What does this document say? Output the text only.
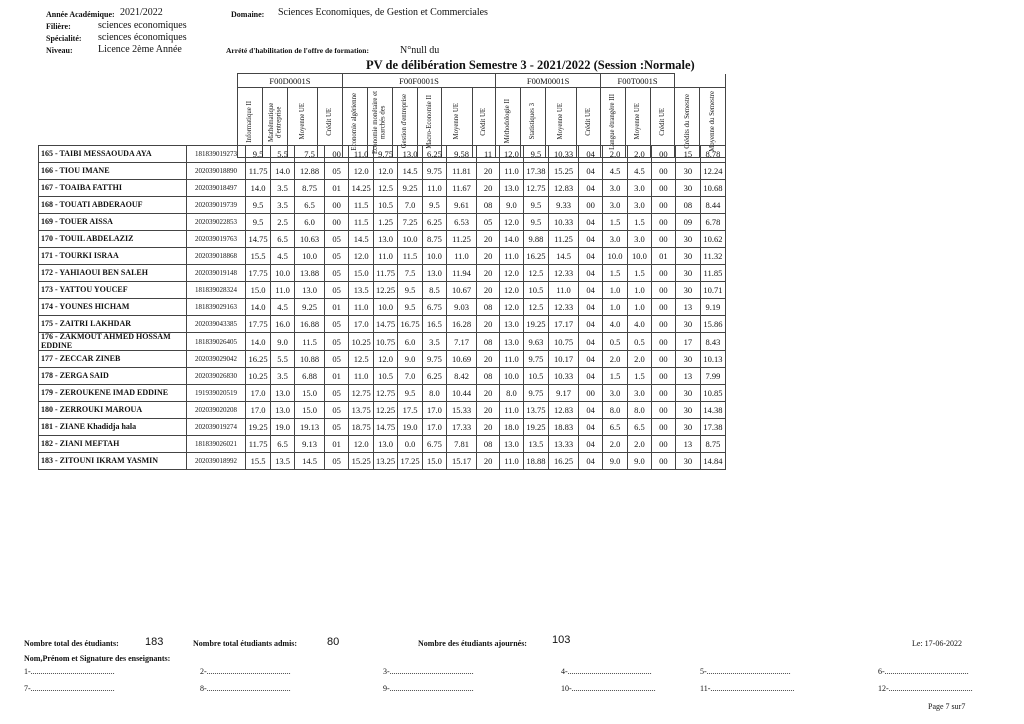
Année Académique: 2021/2022
Filière:	sciences economiques
Spécialité: sciences économiques
Niveau:	Licence 2ème Année
Domaine: Sciences Economiques, de Gestion et Commerciales
Arrété d'habilitation de l'offre de formation:	N°null du
PV de délibération Semestre 3 - 2021/2022 (Session :Normale)
F00D0001S				F00F0001S						F00M0001S				F00T0001S				
Informatique II	Mathématique d'entreprise	Moyenne UE	Crédit UE	Economie algérienne	Economie monétaire et marchés des	Gestion d'entreprise	Macro-Economie II	Moyenne UE	Crédit UE	Méthodologie II	Statistiques 3	Moyenne UE	Crédit UE	Langue étrangère III	Moyenne UE	Crédit UE	Crédits du Semestre	Moyenne du Semestre
165 - TAIBI MESSAOUDA AYA	181839019273	9.5	5.5	7.5	00	11.0	9.75	13.0	6.25	9.58	11	12.0	9.5	10.33	04	2.0	2.0	00	15	8.78
166 - TIOU IMANE	202039018890	11.75	14.0	12.88	05	12.0	12.0	14.5	9.75	11.81	20	11.0	17.38	15.25	04	4.5	4.5	00	30	12.24
167 - TOAIBA FATTHI	202039018497	14.0	3.5	8.75	01	14.25	12.5	9.25	11.0	11.67	20	13.0	12.75	12.83	04	3.0	3.0	00	30	10.68
168 - TOUATI ABDERAOUF	202039019739	9.5	3.5	6.5	00	11.5	10.5	7.0	9.5	9.61	08	9.0	9.5	9.33	00	3.0	3.0	00	08	8.44
169 - TOUER AISSA	202039022853	9.5	2.5	6.0	00	11.5	1.25	7.25	6.25	6.53	05	12.0	9.5	10.33	04	1.5	1.5	00	09	6.78
170 - TOUIL ABDELAZIZ	202039019763	14.75	6.5	10.63	05	14.5	13.0	10.0	8.75	11.25	20	14.0	9.88	11.25	04	3.0	3.0	00	30	10.62
171 - TOURKI ISRAA	202039018868	15.5	4.5	10.0	05	12.0	11.0	11.5	10.0	11.0	20	11.0	16.25	14.5	04	10.0	10.0	01	30	11.32
172 - YAHIAOUI BEN SALEH	202039019148	17.75	10.0	13.88	05	15.0	11.75	7.5	13.0	11.94	20	12.0	12.5	12.33	04	1.5	1.5	00	30	11.85
173 - YATTOU YOUCEF	181839028324	15.0	11.0	13.0	05	13.5	12.25	9.5	8.5	10.67	20	12.0	10.5	11.0	04	1.0	1.0	00	30	10.71
174 - YOUNES HICHAM	181839029163	14.0	4.5	9.25	01	11.0	10.0	9.5	6.75	9.03	08	12.0	12.5	12.33	04	1.0	1.0	00	13	9.19
175 - ZAITRI LAKHDAR	202039043385	17.75	16.0	16.88	05	17.0	14.75	16.75	16.5	16.28	20	13.0	19.25	17.17	04	4.0	4.0	00	30	15.86
176 - ZAKMOUT AHMED HOSSAM EDDINE	181839026405	14.0	9.0	11.5	05	10.25	10.75	6.0	3.5	7.17	08	13.0	9.63	10.75	04	0.5	0.5	00	17	8.43
177 - ZECCAR ZINEB	202039029042	16.25	5.5	10.88	05	12.5	12.0	9.0	9.75	10.69	20	11.0	9.75	10.17	04	2.0	2.0	00	30	10.13
178 - ZERGA SAID	202039026830	10.25	3.5	6.88	01	11.0	10.5	7.0	6.25	8.42	08	10.0	10.5	10.33	04	1.5	1.5	00	13	7.99
179 - ZEROUKENE IMAD EDDINE	191939020519	17.0	13.0	15.0	05	12.75	12.75	9.5	8.0	10.44	20	8.0	9.75	9.17	00	3.0	3.0	00	30	10.85
180 - ZERROUKI MAROUA	202039020208	17.0	13.0	15.0	05	13.75	12.25	17.5	17.0	15.33	20	11.0	13.75	12.83	04	8.0	8.0	00	30	14.38
181 - ZIANE Khadidja hala	202039019274	19.25	19.0	19.13	05	18.75	14.75	19.0	17.0	17.33	20	18.0	19.25	18.83	04	6.5	6.5	00	30	17.38
182 - ZIANI MEFTAH	181839026021	11.75	6.5	9.13	01	12.0	13.0	0.0	6.75	7.81	08	13.0	13.5	13.33	04	2.0	2.0	00	13	8.75
183 - ZITOUNI IKRAM YASMIN	202039018992	15.5	13.5	14.5	05	15.25	13.25	17.25	15.0	15.17	20	11.0	18.88	16.25	04	9.0	9.0	00	30	14.84
Nombre total des étudiants: 183	Nombre total étudiants admis:	80	Nombre des étudiants ajournés: 103	Le: 17-06-2022
Nom,Prénom et Signature des enseignants:
1-..........................................	2-..........................................	3-..........................................	4-..........................................	5-..........................................	6-..........................................
7-..........................................	8-..........................................	9-..........................................	10-..........................................	11-..........................................	12-..........................................
Page 7 sur7
